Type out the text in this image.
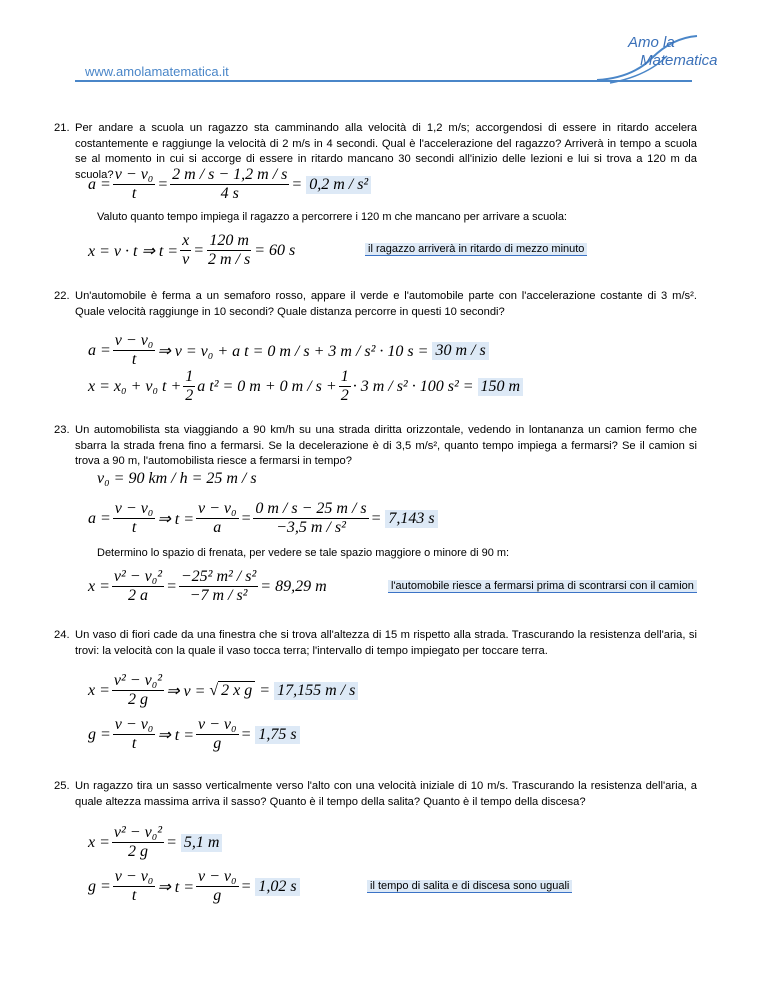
www.amolamatematica.it
Amo la
Matematica
21. Per andare a scuola un ragazzo sta camminando alla velocità di 1,2 m/s; accorgendosi di essere in ritardo accelera costantemente e raggiunge la velocità di 2 m/s in 4 secondi. Qual è l'accelerazione del ragazzo? Arriverà in tempo a scuola se al momento in cui si accorge di essere in ritardo mancano 30 secondi all'inizio delle lezioni e lui si trova a 120 m da scuola?
$a = \frac{\text{v − v₀}}{t} = \frac{2 m / s - 1,2 m / s}{4 s} = 0,2$ m / s²
Valuto quanto tempo impiega il ragazzo a percorrere i 120 m che mancano per arrivare a scuola:
x = v · t ⇒ $t = \frac{x}{v} = \frac{120 m}{2 m / s} = 60$ s	il ragazzo arriverà in ritardo di mezzo minuto
22. Un'automobile è ferma a un semaforo rosso, appare il verde e l'automobile parte con l'accelerazione costante di 3 m/s². Quale velocità raggiunge in 10 secondi? Quale distanza percorre in questi 10 secondi?
$a = \frac{\text{v − v₀}}{t}$ ⇒ v = v₀ + a t = 0 m / s + 3 m / s² · 10 s =
30 m / s
x = x₀ + v₀ $t + \frac{1}{2}$ a t² = 0 m + 0 $m / s + \frac{1}{2} \cdot 3$ m / s² · 100 s² =
150 m
23. Un automobilista sta viaggiando a 90 km/h su una strada diritta orizzontale, vedendo in lontananza un camion fermo che sbarra la strada frena fino a fermarsi. Se la decelerazione è di 3,5 m/s², quanto tempo impiega a fermarsi? Se il camion si trova a 90 m, l'automobilista riesce a fermarsi in tempo?
v₀ = 90 km / h = 25 m / s
$a = \frac{\text{v − v₀}}{t}$ ⇒ $t = \frac{\text{v − v₀}}{a} = \frac{0 m / s - 25 m / s}{\text{−3,5 m / s²}} = 7,143$ s
Determino lo spazio di frenata, per vedere se tale spazio maggiore o minore di 90 m:
$x = \frac{\text{v² − v₀²}}{2 a} = \frac{\text{−25² m² / s²}}{\text{−7 m / s²}} = 89,29$ m	l'automobile riesce a fermarsi prima di scontrarsi con il camion
24. Un vaso di fiori cade da una finestra che si trova all'altezza di 15 m rispetto alla strada. Trascurando la resistenza dell'aria, si trovi: la velocità con la quale il vaso tocca terra; l'intervallo di tempo impiegato per toccare terra.
$x = \frac{\text{v² − v₀²}}{2 g}$ ⇒ v = √ 2 x g = 17,155 m / s
$g = \frac{\text{v − v₀}}{t}$ ⇒ $t = \frac{\text{v − v₀}}{g} = 1,75$ s
25. Un ragazzo tira un sasso verticalmente verso l'alto con una velocità iniziale di 10 m/s. Trascurando la resistenza dell'aria, a quale altezza massima arriva il sasso? Quanto è il tempo della salita? Quanto è il tempo della discesa?
$x = \frac{\text{v² − v₀²}}{2 g} = 5,1$ m
$g = \frac{\text{v − v₀}}{t}$ ⇒ $t = \frac{\text{v − v₀}}{g} = 1,02$ s	il tempo di salita e di discesa sono uguali
